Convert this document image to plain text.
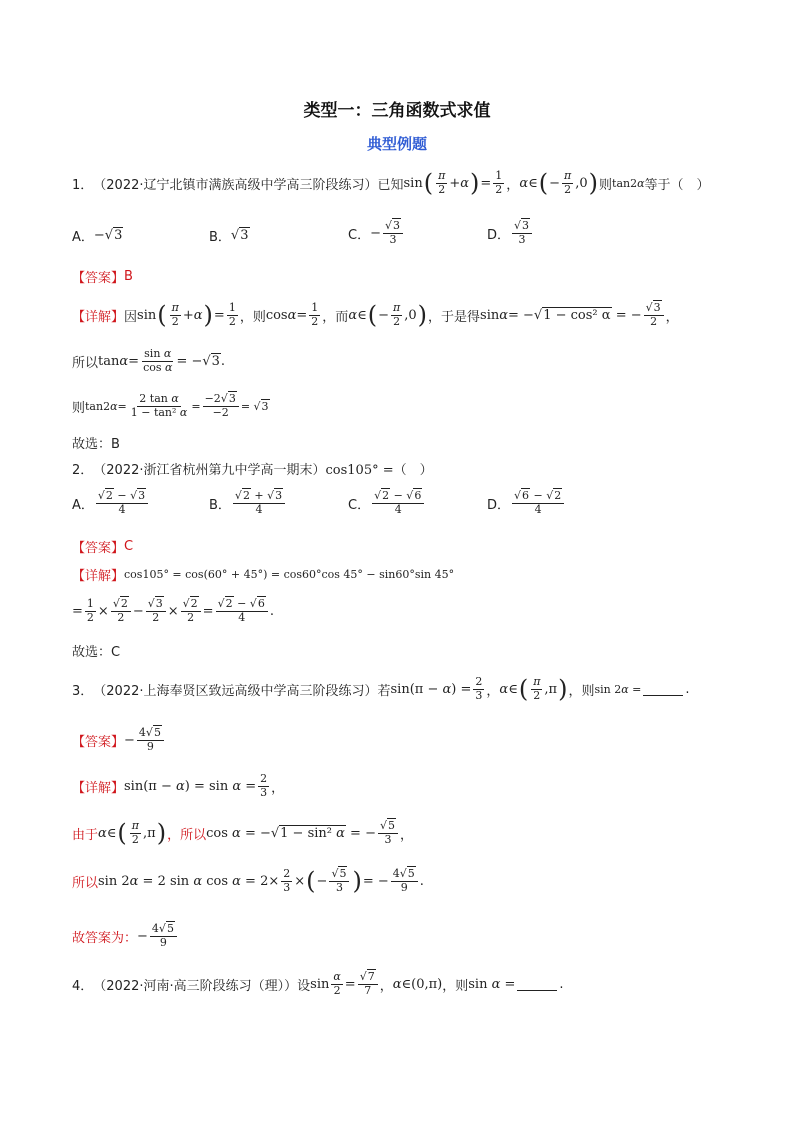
类型一：三角函数式求值
典型例题
1． （2022·辽宁北镇市满族高级中学高三阶段练习） 已知 sin ( $\frac{\pi}{2} + \alpha$ ) = $\frac{1}{2}$ ， α ∈ ( − $\frac{\pi}{2} ,0$ ) 则 tan2 α 等于（　）
A． −√3	B． √3	C． − $\frac{√3}{3}$	D． $\frac{√3}{3}$
【答案】 B
【详解】 因 sin ( $\frac{\pi}{2} + \alpha$ ) = $\frac{1}{2}$ ，则 $\cos \alpha = \frac{1}{2}$ ，而 α ∈ ( − $\frac{\pi}{2} ,0$ ) ，于是得 sin α = −√1 − cos² α = − $\frac{√3}{2}$ ，
所以 $\tan \alpha = \frac{\text{sin α}}{\text{cos α}} = -√3$.
则 tan2 $\alpha = \frac{\text{2 tan α}}{\text{1 − tan² α}} = \frac{-2√3}{-2} = √3$
故选：B
2． （2022·浙江省杭州第九中学高一期末） cos105° =（　）
A． $\frac{√2 - √3}{4}$	B． $\frac{√2 + √3}{4}$	C． $\frac{√2 - √6}{4}$	D． $\frac{√6 - √2}{4}$
【答案】 C
【详解】 cos105° = cos(60° + 45°) = cos60°cos 45° − sin60°sin 45°
= $\frac{1}{2} \times \frac{√2}{2} - \frac{√3}{2} \times \frac{√2}{2} = \frac{√2 - √6}{4}$ .
故选：C
3． （2022·上海奉贤区致远高级中学高三阶段练习） 若 $\sin(\pi - \alpha) = \frac{2}{3}$ ， α ∈ ( $\frac{\pi}{2} ,\pi$ ) ，则 sin 2α =	.
【答案】 − $\frac{4√5}{9}$
【详解】 $\sin(\pi - \alpha) = \sin \alpha = \frac{2}{3}$ ，
由于 α ∈ ( $\frac{\pi}{2} ,\pi$ ) ，所以 cos α = −√1 − sin² α = − $\frac{√5}{3}$ ，
所以 sin 2α = 2 sin α $\cos \alpha = 2\times \frac{2}{3}$ × ( − $\frac{√5}{3}$ ) = − $\frac{4√5}{9}$ .
故答案为： − $\frac{4√5}{9}$
4． （2022·河南·高三阶段练习（理）） 设 $\sin \frac{\alpha}{2} = \frac{√7}{7}$ ， α ∈ (0,π) ，则 sin α =	.
